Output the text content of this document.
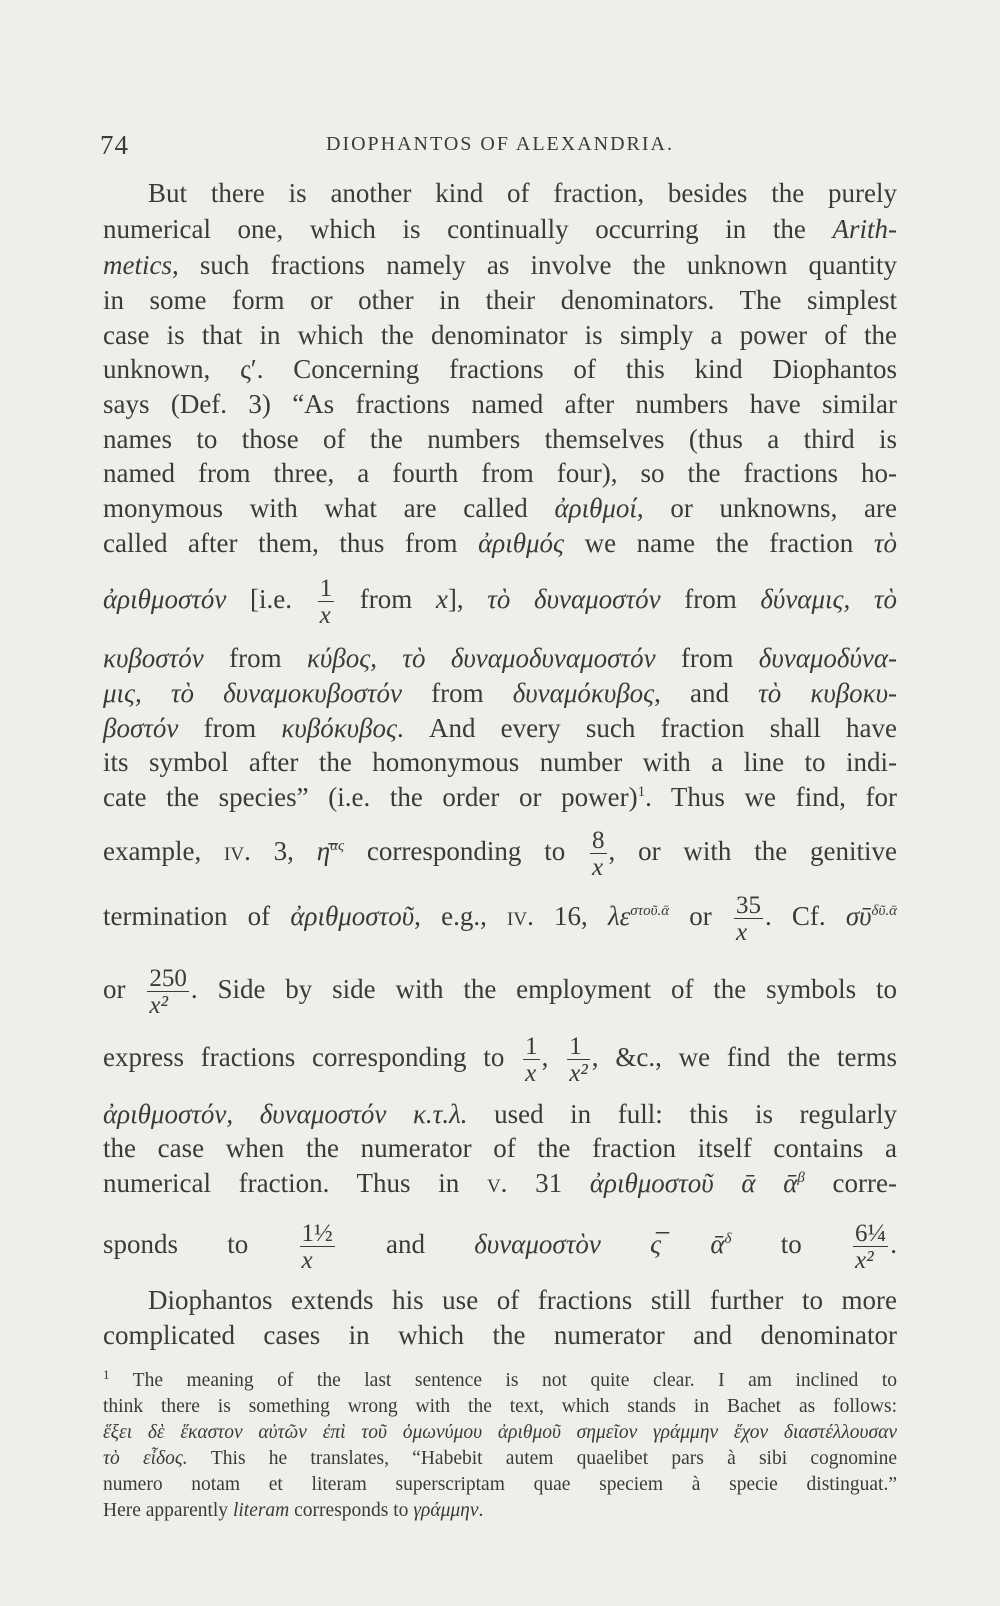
74	DIOPHANTOS OF ALEXANDRIA.
But there is another kind of fraction, besides the purely
numerical one, which is continually occurring in the Arith-
metics, such fractions namely as involve the unknown quantity
in some form or other in their denominators. The simplest
case is that in which the denominator is simply a power of the
unknown, ς′. Concerning fractions of this kind Diophantos
says (Def. 3) “As fractions named after numbers have similar
names to those of the numbers themselves (thus a third is
named from three, a fourth from four), so the fractions ho-
monymous with what are called ἀριθμοί, or unknowns, are
called after them, thus from ἀριθμός we name the fraction τὸ
ἀριθμοστόν [i.e. $\frac{1}{x}$ from x], τὸ δυναμοστόν from δύναμις, τὸ
κυβοστόν from κύβος, τὸ δυναμοδυναμοστόν from δυναμοδύνα-
μις, τὸ δυναμοκυβοστόν from δυναμόκυβος, and τὸ κυβοκυ-
βοστόν from κυβόκυβος. And every such fraction shall have
its symbol after the homonymous number with a line to indi-
cate the species” (i.e. the order or power)$^1$. Thus we find, for
example, iv. 3, η̄$^{\alpha\varsigma}$ corresponding to $\frac{8}{x}$ , or with the genitive
termination of ἀριθμοστοῦ, e.g., iv. 16, $\lambda\varepsilon^{\sigma\tau oῦ.ᾱ}$ or $\frac{35}{x}$ . Cf. σῡ$^{\delta ῦ.ᾱ}$
or $\frac{250}{\text{x²}}$ . Side by side with the employment of the symbols to
express fractions corresponding to $\frac{1}{x}$ , $\frac{1}{\text{x²}}$ , &c., we find the terms
ἀριθμοστόν, δυναμοστόν κ.τ.λ. used in full: this is regularly
the case when the numerator of the fraction itself contains a
numerical fraction. Thus in v. 31 ἀριθμοστοῦ ᾱ ᾱ$^\beta$ corre-
sponds to $\frac{\text{1½}}{x}$ and δυναμοστὸν ς̅ ᾱ$^\delta$ to $\frac{\text{6¼}}{\text{x²}}$ .
Diophantos extends his use of fractions still further to more
complicated cases in which the numerator and denominator
$^1$ The meaning of the last sentence is not quite clear. I am inclined to
think there is something wrong with the text, which stands in Bachet as follows:
ἕξει δὲ ἕκαστον αὐτῶν ἐπὶ τοῦ ὁμωνύμου ἀριθμοῦ σημεῖον γράμμην ἔχον διαστέλλουσαν
τὸ εἶδος. This he translates, “Habebit autem quaelibet pars à sibi cognomine
numero notam et literam superscriptam quae speciem à specie distinguat.”
Here apparently literam corresponds to γράμμην.
